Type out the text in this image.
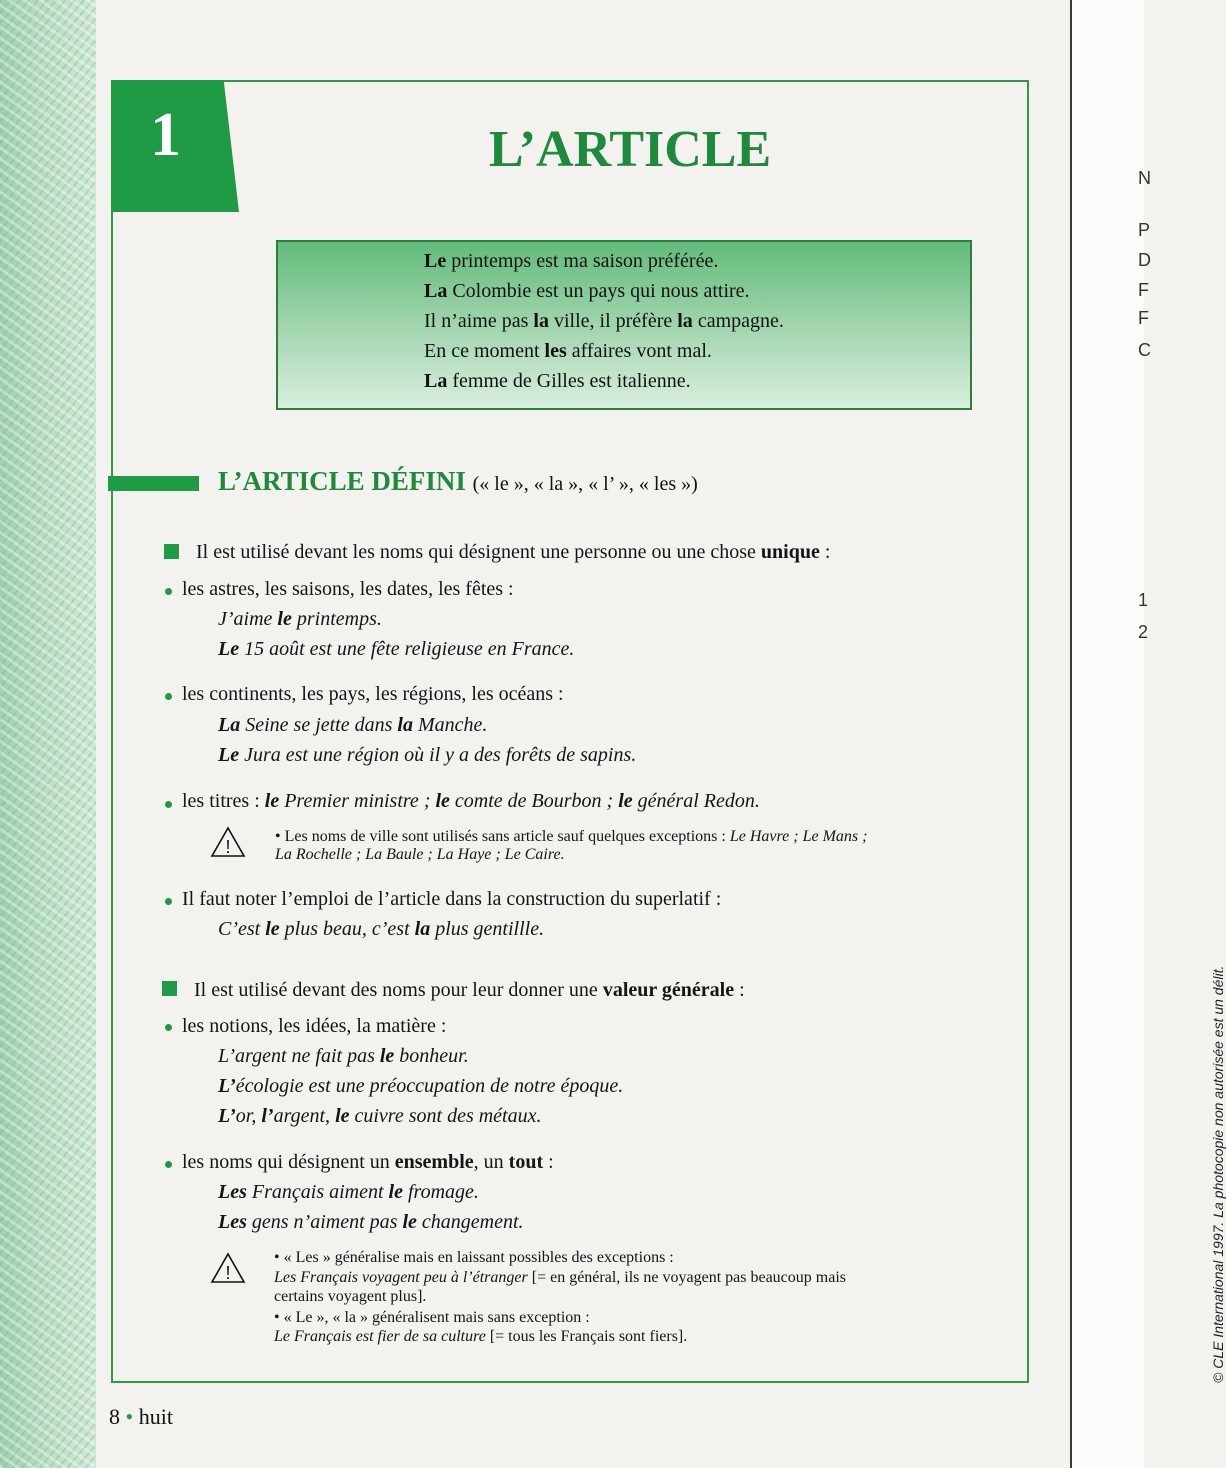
N
P
D
F
F
C
1
2
1	L’ARTICLE
Le printemps est ma saison préférée.
La Colombie est un pays qui nous attire.
Il n’aime pas la ville, il préfère la campagne.
En ce moment les affaires vont mal.
La femme de Gilles est italienne.
L’ARTICLE DÉFINI (« le », « la », « l’ », « les »)
Il est utilisé devant les noms qui désignent une personne ou une chose unique :
les astres, les saisons, les dates, les fêtes :
J’aime le printemps.
Le 15 août est une fête religieuse en France.
les continents, les pays, les régions, les océans :
La Seine se jette dans la Manche.
Le Jura est une région où il y a des forêts de sapins.
les titres : le Premier ministre ; le comte de Bourbon ; le général Redon.
!
• Les noms de ville sont utilisés sans article sauf quelques exceptions : Le Havre ; Le Mans ;
La Rochelle ; La Baule ; La Haye ; Le Caire.
Il faut noter l’emploi de l’article dans la construction du superlatif :
C’est le plus beau, c’est la plus gentillle.
Il est utilisé devant des noms pour leur donner une valeur générale :
les notions, les idées, la matière :
L’argent ne fait pas le bonheur.
L’écologie est une préoccupation de notre époque.
L’or, l’argent, le cuivre sont des métaux.
les noms qui désignent un ensemble, un tout :
Les Français aiment le fromage.
Les gens n’aiment pas le changement.
!
• « Les » généralise mais en laissant possibles des exceptions :
Les Français voyagent peu à l’étranger [= en général, ils ne voyagent pas beaucoup mais
certains voyagent plus].
• « Le », « la » généralisent mais sans exception :
Le Français est fier de sa culture [= tous les Français sont fiers].
8 • huit
© CLE International 1997. La photocopie non autorisée est un délit.
